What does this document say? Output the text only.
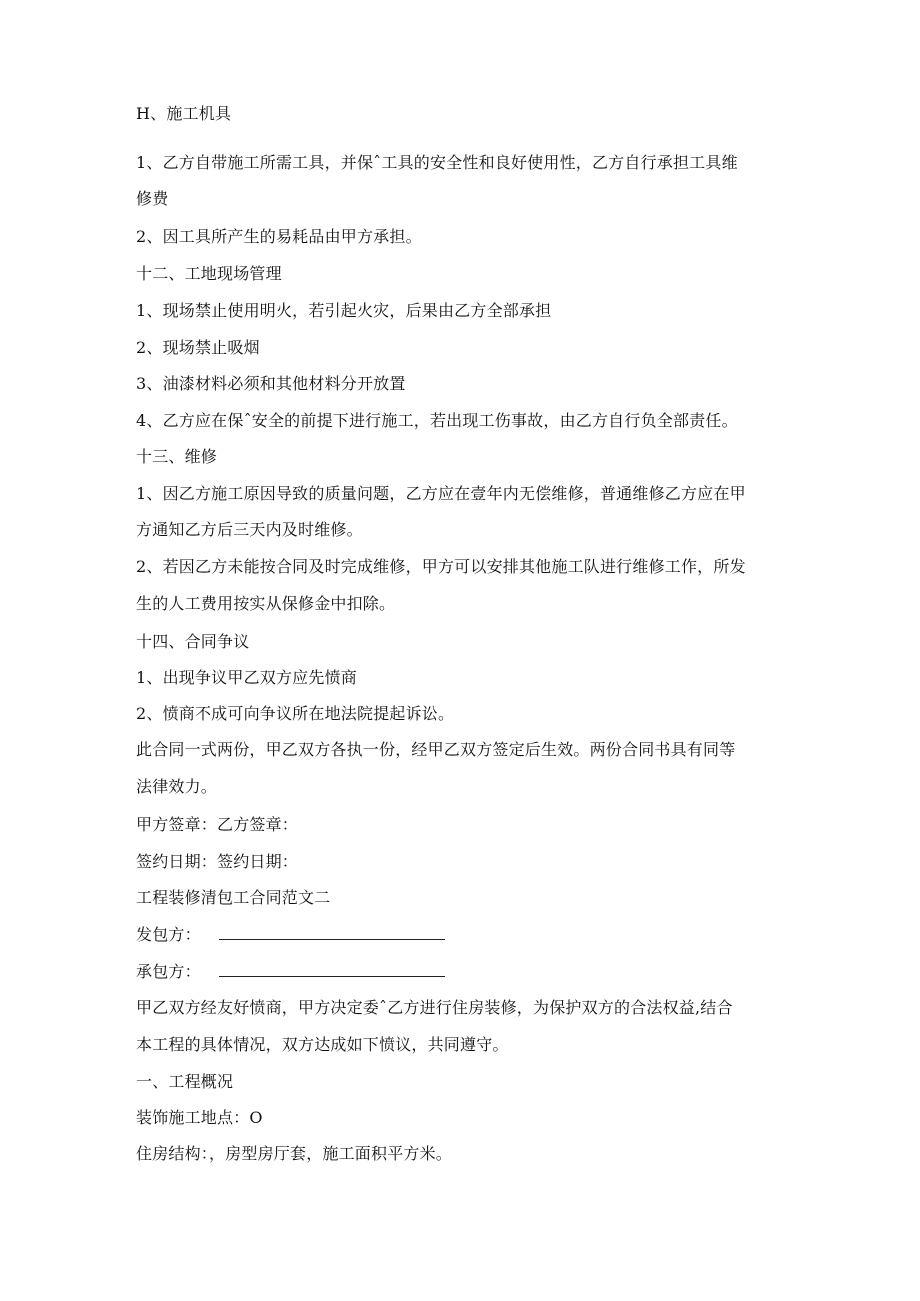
H、施工机具
1、乙方自带施工所需工具，并保ˆ工具的安全性和良好使用性，乙方自行承担工具维
修费
2、因工具所产生的易耗品由甲方承担。
十二、工地现场管理
1、现场禁止使用明火，若引起火灾，后果由乙方全部承担
2、现场禁止吸烟
3、油漆材料必须和其他材料分开放置
4、乙方应在保ˆ安全的前提下进行施工，若出现工伤事故，由乙方自行负全部责任。
十三、维修
1、因乙方施工原因导致的质量问题，乙方应在壹年内无偿维修，普通维修乙方应在甲
方通知乙方后三天内及时维修。
2、若因乙方未能按合同及时完成维修，甲方可以安排其他施工队进行维修工作，所发
生的人工费用按实从保修金中扣除。
十四、合同争议
1、出现争议甲乙双方应先愤商
2、愤商不成可向争议所在地法院提起诉讼。
此合同一式两份，甲乙双方各执一份，经甲乙双方签定后生效。两份合同书具有同等
法律效力。
甲方签章：乙方签章：
签约日期：签约日期：
工程装修清包工合同范文二
发包方：
承包方：
甲乙双方经友好愤商，甲方决定委ˆ乙方进行住房装修，为保护双方的合法权益,结合
本工程的具体情况，双方达成如下愤议，共同遵守。
一、工程概况
装饰施工地点：O
住房结构：，房型房厅套，施工面积平方米。
